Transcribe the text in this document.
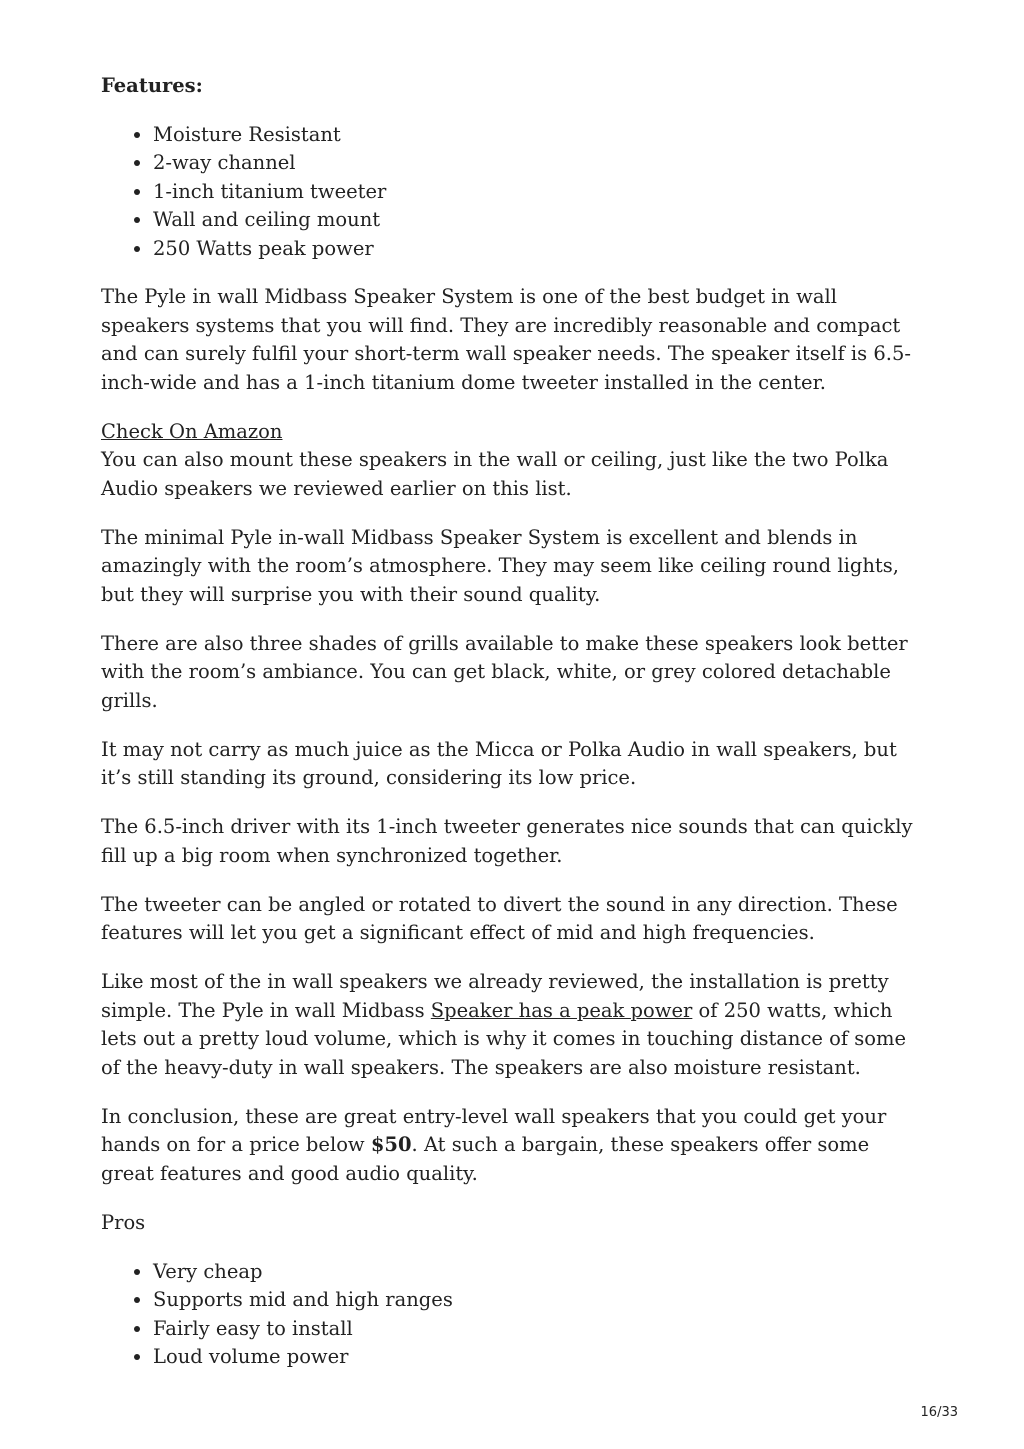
Features:

• Moisture Resistant
• 2-way channel
• 1-inch titanium tweeter
• Wall and ceiling mount
• 250 Watts peak power

The Pyle in wall Midbass Speaker System is one of the best budget in wall speakers systems that you will find. They are incredibly reasonable and compact and can surely fulfil your short-term wall speaker needs. The speaker itself is 6.5-inch-wide and has a 1-inch titanium dome tweeter installed in the center.

Check On Amazon

You can also mount these speakers in the wall or ceiling, just like the two Polka Audio speakers we reviewed earlier on this list.

The minimal Pyle in-wall Midbass Speaker System is excellent and blends in amazingly with the room’s atmosphere. They may seem like ceiling round lights, but they will surprise you with their sound quality.

There are also three shades of grills available to make these speakers look better with the room’s ambiance. You can get black, white, or grey colored detachable grills.

It may not carry as much juice as the Micca or Polka Audio in wall speakers, but it’s still standing its ground, considering its low price.

The 6.5-inch driver with its 1-inch tweeter generates nice sounds that can quickly fill up a big room when synchronized together.

The tweeter can be angled or rotated to divert the sound in any direction. These features will let you get a significant effect of mid and high frequencies.

Like most of the in wall speakers we already reviewed, the installation is pretty simple. The Pyle in wall Midbass Speaker has a peak power of 250 watts, which lets out a pretty loud volume, which is why it comes in touching distance of some of the heavy-duty in wall speakers. The speakers are also moisture resistant.

In conclusion, these are great entry-level wall speakers that you could get your hands on for a price below $50. At such a bargain, these speakers offer some great features and good audio quality.

Pros

• Very cheap
• Supports mid and high ranges
• Fairly easy to install
• Loud volume power
16/33
